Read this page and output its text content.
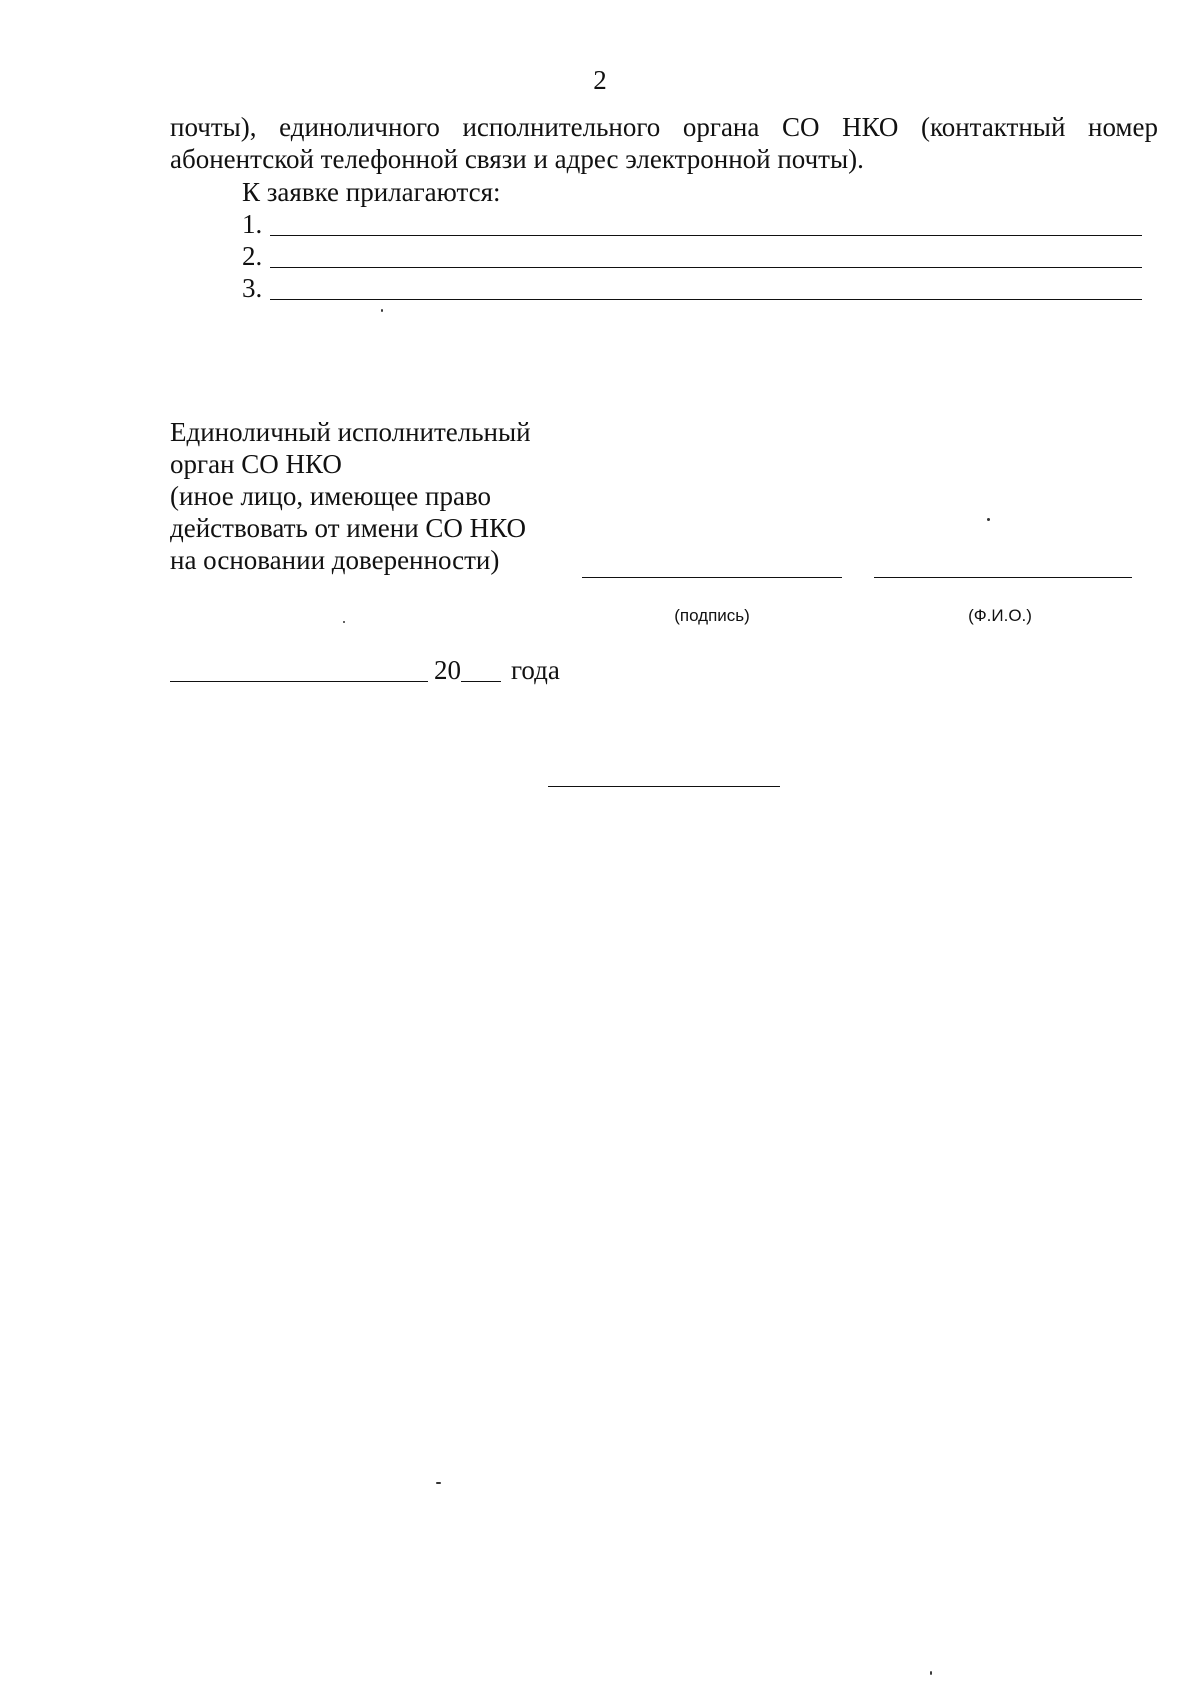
2
почты), единоличного исполнительного органа СО НКО (контактный номер
абонентской телефонной связи и адрес электронной почты).
К заявке прилагаются:
1.
2.
3.
Единоличный исполнительный
орган СО НКО
(иное лицо, имеющее право
действовать от имени СО НКО
на основании доверенности)
(подпись)	(Ф.И.О.)
20 года
